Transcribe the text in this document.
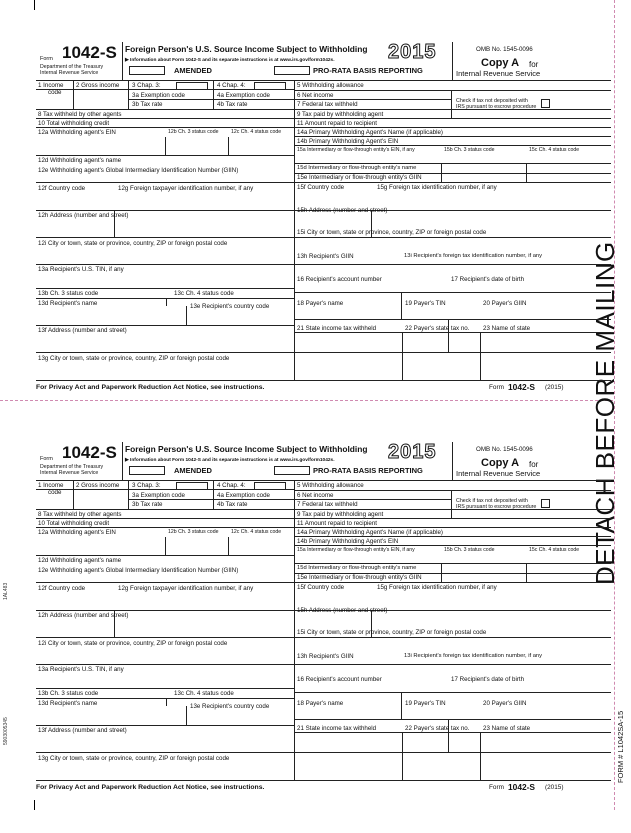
DETACH BEFORE MAILING
FORM # L1042SA-15
1AL483
5903005345
Form 1042-S
Department of the Treasury
Internal Revenue Service
Foreign Person's U.S. Source Income Subject to Withholding
▶ Information about Form 1042-S and its separate instructions is at www.irs.gov/form1042s.
AMENDED	PRO-RATA BASIS REPORTING
2015	OMB No. 1545-0096
Copy A for
Internal Revenue Service
Check if tax not deposited with
IRS pursuant to escrow procedure
1 Income
code
2 Gross income 3 Chap. 3:
3a Exemption code
3b Tax rate
4 Chap. 4:
4a Exemption code
4b Tax rate
8 Tax withheld by other agents
10 Total withholding credit
12a Withholding agent's EIN	12b Ch. 3 status code 12c Ch. 4 status code
12d Withholding agent's name
12e Withholding agent's Global Intermediary Identification Number (GIIN)
12f Country code	12g Foreign taxpayer identification number, if any
12h Address (number and street)
12i City or town, state or province, country, ZIP or foreign postal code
13a Recipient's U.S. TIN, if any
13b Ch. 3 status code	13c Ch. 4 status code
13d Recipient's name	13e Recipient's country code
13f Address (number and street)
13g City or town, state or province, country, ZIP or foreign postal code
5 Withholding allowance
6 Net income
7 Federal tax withheld
9 Tax paid by withholding agent
11 Amount repaid to recipient
14a Primary Withholding Agent's Name (if applicable)
14b Primary Withholding Agent's EIN
15a Intermediary or flow-through entity's EIN, if any	15b Ch. 3 status code	15c Ch. 4 status code
15d Intermediary or flow-through entity's name
15e Intermediary or flow-through entity's GIIN
15f Country code	15g Foreign tax identification number, if any
15h Address (number and street)
15i City or town, state or province, country, ZIP or foreign postal code
13h Recipient's GIIN	13i Recipient's foreign tax identification number, if any
16 Recipient's account number	17 Recipient's date of birth
18 Payer's name	19 Payer's TIN	20 Payer's GIIN
21 State income tax withheld	22 Payer's state tax no. 23 Name of state
For Privacy Act and Paperwork Reduction Act Notice, see instructions.	Form 1042-S (2015)
Form 1042-S
Department of the Treasury
Internal Revenue Service
Foreign Person's U.S. Source Income Subject to Withholding
▶ Information about Form 1042-S and its separate instructions is at www.irs.gov/form1042s.
AMENDED	PRO-RATA BASIS REPORTING
2015	OMB No. 1545-0096
Copy A for
Internal Revenue Service
Check if tax not deposited with
IRS pursuant to escrow procedure
1 Income
code
2 Gross income 3 Chap. 3:
3a Exemption code
3b Tax rate
4 Chap. 4:
4a Exemption code
4b Tax rate
8 Tax withheld by other agents
10 Total withholding credit
12a Withholding agent's EIN	12b Ch. 3 status code 12c Ch. 4 status code
12d Withholding agent's name
12e Withholding agent's Global Intermediary Identification Number (GIIN)
12f Country code	12g Foreign taxpayer identification number, if any
12h Address (number and street)
12i City or town, state or province, country, ZIP or foreign postal code
13a Recipient's U.S. TIN, if any
13b Ch. 3 status code	13c Ch. 4 status code
13d Recipient's name	13e Recipient's country code
13f Address (number and street)
13g City or town, state or province, country, ZIP or foreign postal code
5 Withholding allowance
6 Net income
7 Federal tax withheld
9 Tax paid by withholding agent
11 Amount repaid to recipient
14a Primary Withholding Agent's Name (if applicable)
14b Primary Withholding Agent's EIN
15a Intermediary or flow-through entity's EIN, if any	15b Ch. 3 status code	15c Ch. 4 status code
15d Intermediary or flow-through entity's name
15e Intermediary or flow-through entity's GIIN
15f Country code	15g Foreign tax identification number, if any
15h Address (number and street)
15i City or town, state or province, country, ZIP or foreign postal code
13h Recipient's GIIN	13i Recipient's foreign tax identification number, if any
16 Recipient's account number	17 Recipient's date of birth
18 Payer's name	19 Payer's TIN	20 Payer's GIIN
21 State income tax withheld	22 Payer's state tax no. 23 Name of state
For Privacy Act and Paperwork Reduction Act Notice, see instructions.	Form 1042-S (2015)
